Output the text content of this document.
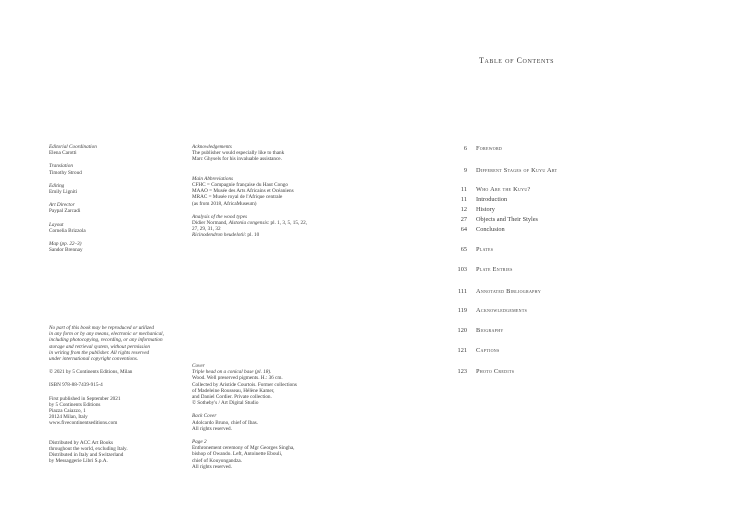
Editorial Coordination
Elena Carotti
Translation
Timothy Stroud
Editing
Emily Ligniti
Art Director
Paypal Zarcadi
Layout
Cornelia Brizzola
Map (pp. 22–3)
Sandor Brennay
Acknowledgements
The publisher would especially like to thank
Marc Ghysels for his invaluable assistance.
Main Abbreviations
CFHC = Compagnie française du Haut Congo
MAAO = Musée des Arts Africains et Océaniens
MRAC = Musée royal de l'Afrique centrale
(as from 2018, AfricaMuseum)
Analysis of the wood types
Didier Normand, Alstonia congensis: pl. 1, 3, 5, 15, 22,
27, 29, 31, 32
Ricinodendron heudelotii: pl. 10
No part of this book may be reproduced or utilized
in any form or by any means, electronic or mechanical,
including photocopying, recording, or any information
storage and retrieval system, without permission
in writing from the publisher. All rights reserved
under international copyright conventions.
© 2021 by 5 Continents Editions, Milan
ISBN 978-88-7439-915-4
First published in September 2021
by 5 Continents Editions
Piazza Caiazzo, 1
20124 Milan, Italy
www.fivecontinentseditions.com
Distributed by ACC Art Books
throughout the world, excluding Italy.
Distributed in Italy and Switzerland
by Messaggerie Libri S.p.A.
Cover
Triple head on a conical base (pl. 18).
Wood. Well preserved pigments. H.: 36 cm.
Collected by Aristide Courtois. Former collections
of Madeleine Rousseau, Hélène Kamer,
and Daniel Cordier. Private collection.
© Sotheby's / Art Digital Studio
Back Cover
Adolcardo Bruno, chief of Ibas.
All rights reserved.
Page 2
Enthronement ceremony of Mgr Georges Singha,
bishop of Owando. Left, Antoinette Ebouli,
chief of Kouyongandza.
All rights reserved.
Table of Contents
6 Foreword
9 Different Stages of Kuyu Art
11 Who Are the Kuyu?
11 Introduction
12 History
27 Objects and Their Styles
64 Conclusion
65 Plates
103 Plate Entries
111 Annotated Bibliography
119 Acknowledgements
120 Biography
121 Captions
123 Photo Credits
